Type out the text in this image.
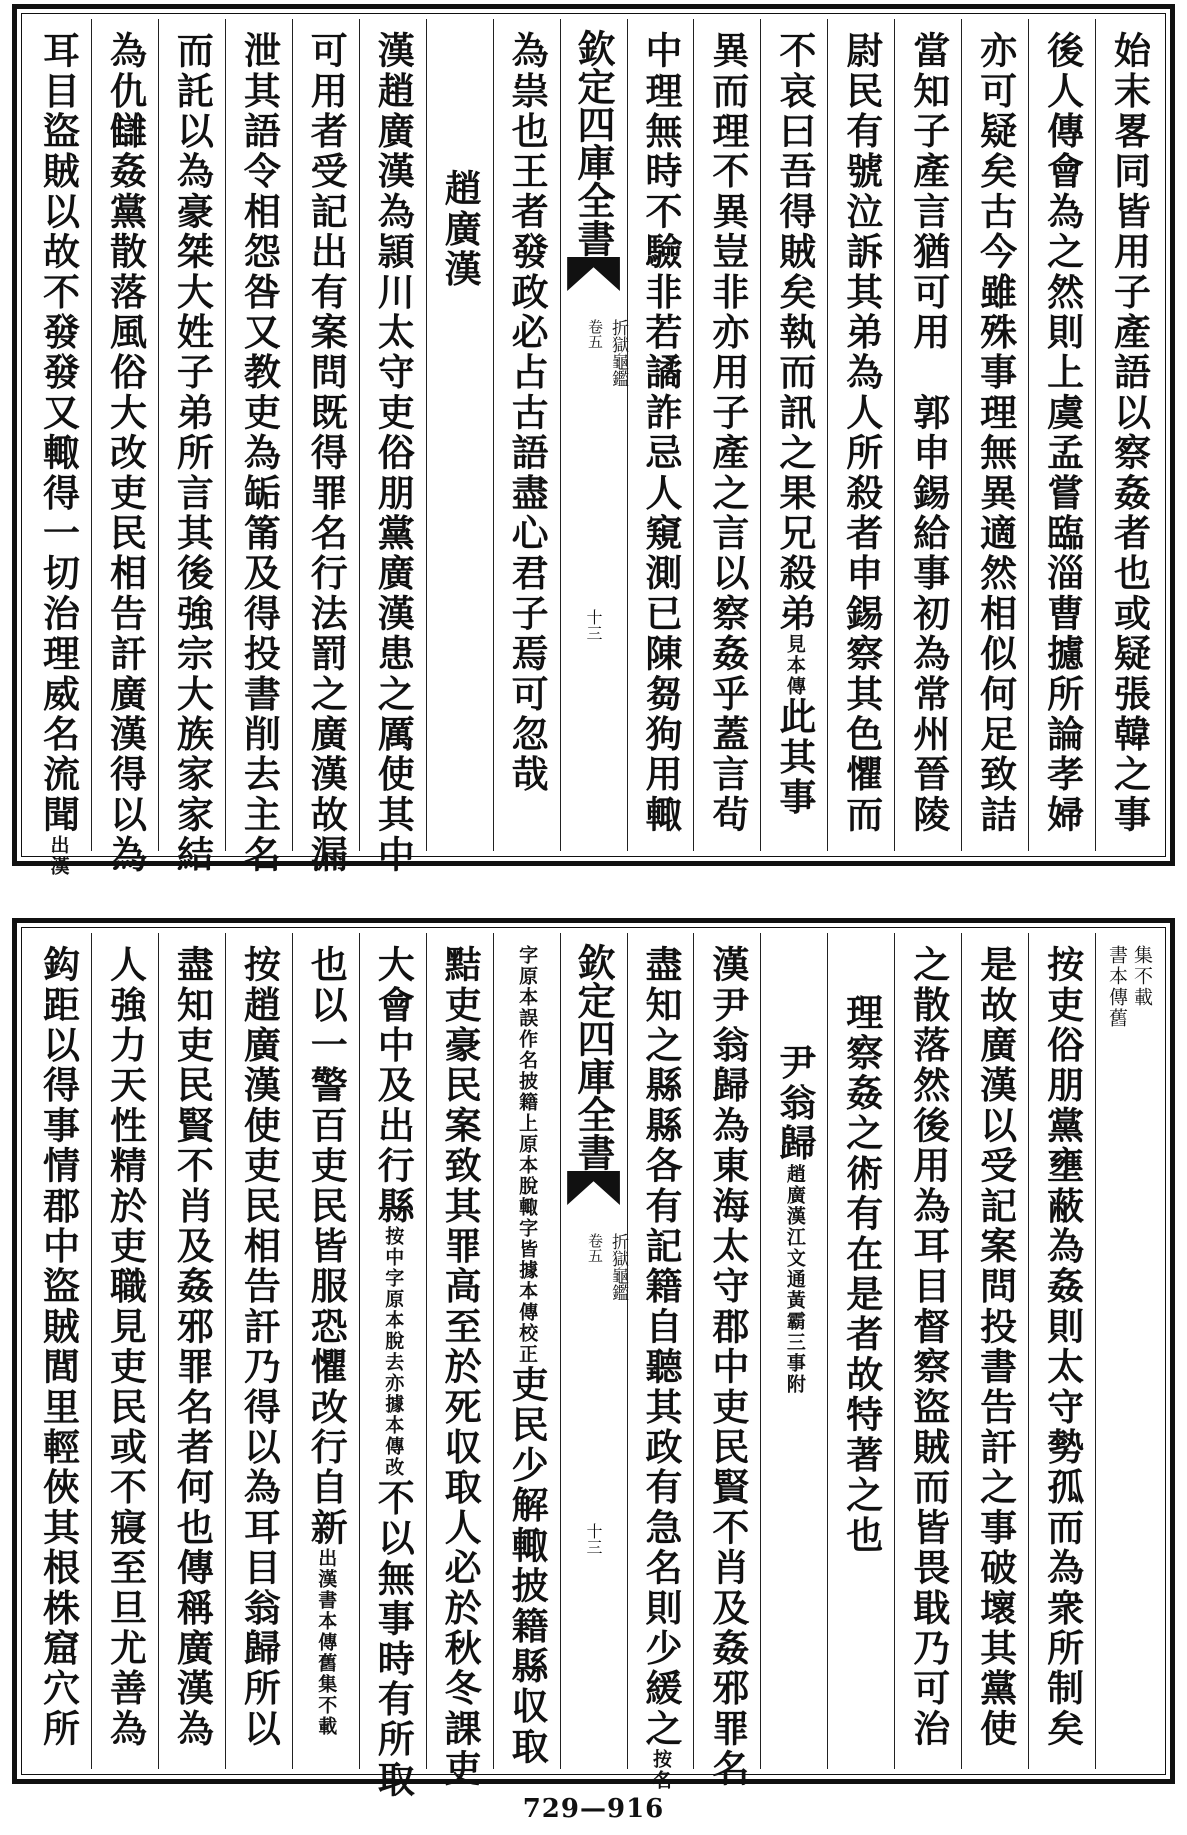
始末畧同皆用子產語以察姦者也或疑張韓之事
後人傳會為之然則上虞孟嘗臨淄曹攄所論孝婦
亦可疑矣古今雖殊事理無異適然相似何足致詰
當知子產言猶可用　郭申錫給事初為常州晉陵
尉民有號泣訴其弟為人所殺者申錫察其色懼而
不哀曰吾得賊矣執而訊之果兄殺弟見本傳此其事
異而理不異豈非亦用子產之言以察姦乎蓋言茍
中理無時不驗非若譎詐忌人窺測已陳芻狗用輙
欽定四庫全書
折獄龜鑑
卷五
十三
為祟也王者發政必占古語盡心君子焉可忽哉
趙廣漢
漢趙廣漢為頴川太守吏俗朋黨廣漢患之厲使其中
可用者受記出有案問既得罪名行法罰之廣漢故漏
泄其語令相怨咎又教吏為缿筩及得投書削去主名
而託以為豪桀大姓子弟所言其後強宗大族家家結
為仇讎姦黨散落風俗大改吏民相告訐廣漢得以為
耳目盜賊以故不發發又輙得一切治理威名流聞出漢
書本傳舊 集不載
按吏俗朋黨壅蔽為姦則太守勢孤而為衆所制矣
是故廣漢以受記案問投書告訐之事破壞其黨使
之散落然後用為耳目督察盜賊而皆畏戢乃可治
理察姦之術有在是者故特著之也
尹翁歸趙廣漢江文通黃霸三事附
漢尹翁歸為東海太守郡中吏民賢不肖及姦邪罪名
盡知之縣縣各有記籍自聽其政有急名則少緩之按名
欽定四庫全書
折獄龜鑑
卷五
十三
字原本誤作名披籍上原本脫輙字皆據本傳校正吏民少解輙披籍縣収取
黠吏豪民案致其罪高至於死収取人必於秋冬課吏
大會中及出行縣按中字原本脫去亦據本傳改不以無事時有所取
也以一警百吏民皆服恐懼改行自新出漢書本傳舊集不載
按趙廣漢使吏民相告訐乃得以為耳目翁歸所以
盡知吏民賢不肖及姦邪罪名者何也傳稱廣漢為
人強力天性精於吏職見吏民或不寢至旦尤善為
鈎距以得事情郡中盜賊閭里輕俠其根株窟穴所
729—916
